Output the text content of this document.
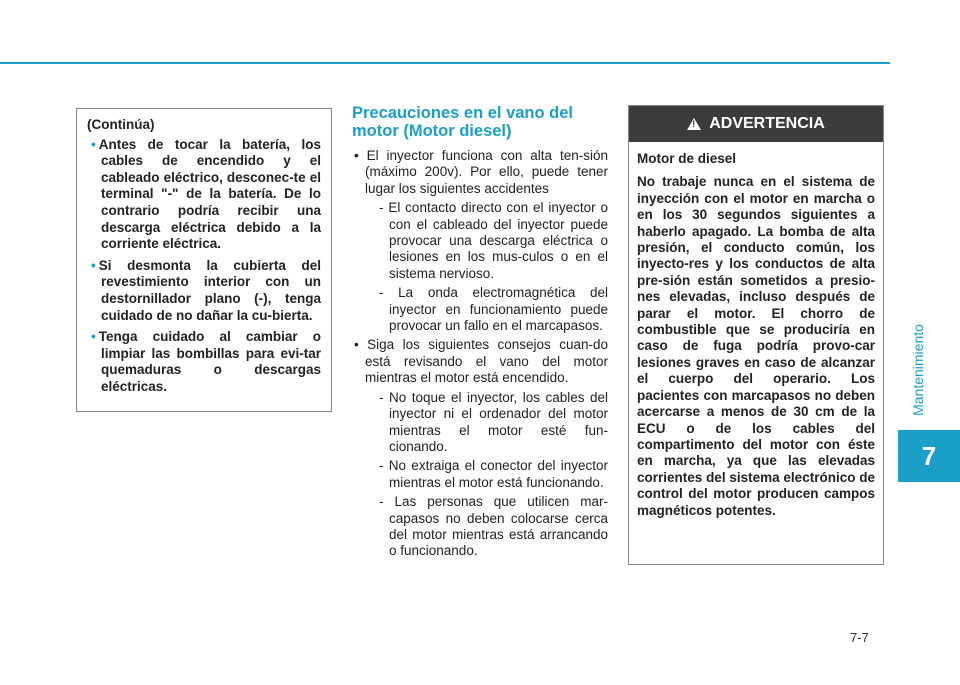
Mantenimiento
7
(Continúa)
• Antes de tocar la batería, los cables de encendido y el cableado eléctrico, desconec-te el terminal "-" de la batería. De lo contrario podría recibir una descarga eléctrica debido a la corriente eléctrica.
• Si desmonta la cubierta del revestimiento interior con un destornillador plano (-), tenga cuidado de no dañar la cu-bierta.
• Tenga cuidado al cambiar o limpiar las bombillas para evi-tar quemaduras o descargas eléctricas.
Precauciones en el vano del motor (Motor diesel)
• El inyector funciona con alta ten-sión (máximo 200v). Por ello, puede tener lugar los siguientes accidentes
- El contacto directo con el inyector o con el cableado del inyector puede provocar una descarga eléctrica o lesiones en los mus-culos o en el sistema nervioso.
- La onda electromagnética del inyector en funcionamiento puede provocar un fallo en el marcapasos.
• Siga los siguientes consejos cuan-do está revisando el vano del motor mientras el motor está encendido.
- No toque el inyector, los cables del inyector ni el ordenador del motor mientras el motor esté fun-cionando.
- No extraiga el conector del inyector mientras el motor está funcionando.
- Las personas que utilicen mar-capasos no deben colocarse cerca del motor mientras está arrancando o funcionando.
!
ADVERTENCIA

Motor de diesel

No trabaje nunca en el sistema de inyección con el motor en marcha o en los 30 segundos siguientes a haberlo apagado. La bomba de alta presión, el conducto común, los inyecto-res y los conductos de alta pre-sión están sometidos a presio-nes elevadas, incluso después de parar el motor. El chorro de combustible que se produciría en caso de fuga podría provo-car lesiones graves en caso de alcanzar el cuerpo del operario. Los pacientes con marcapasos no deben acercarse a menos de 30 cm de la ECU o de los cables del compartimento del motor con éste en marcha, ya que las elevadas corrientes del sistema electrónico de control del motor producen campos magnéticos potentes.

7-7
